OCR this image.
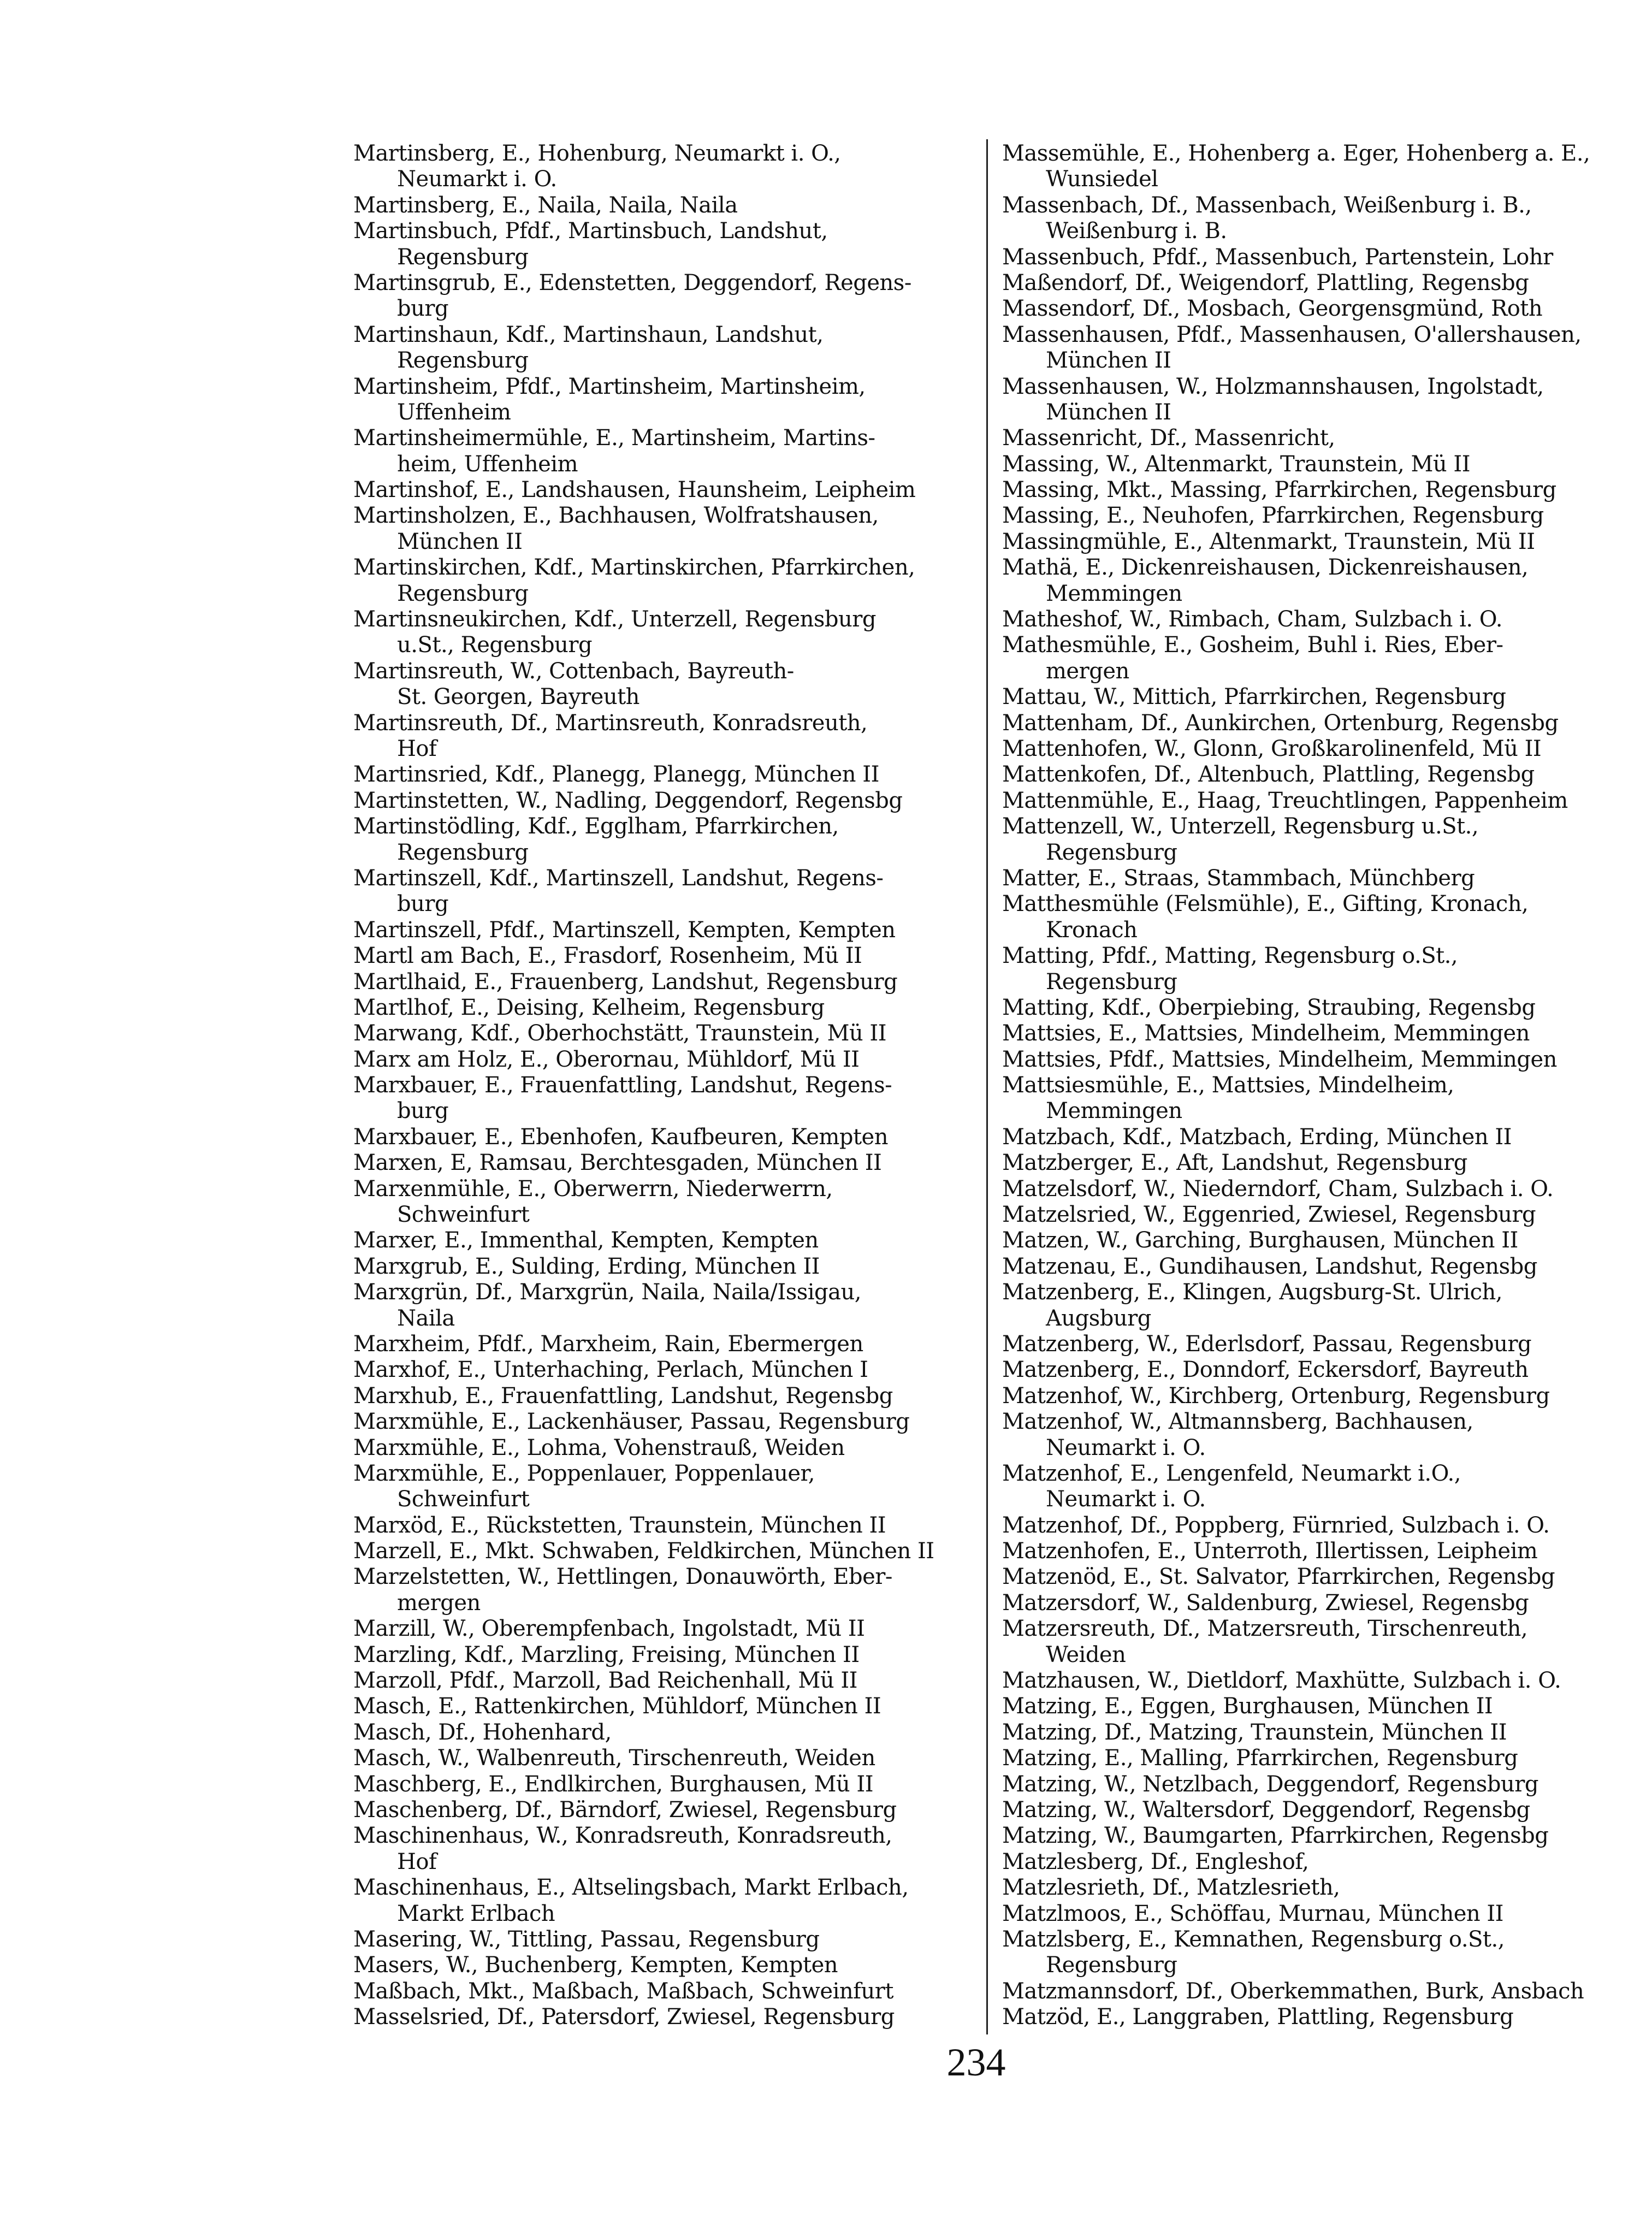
Martinsberg, E., Hohenburg, Neumarkt i. O.,
Neumarkt i. O.
Martinsberg, E., Naila, Naila, Naila
Martinsbuch, Pfdf., Martinsbuch, Landshut,
Regensburg
Martinsgrub, E., Edenstetten, Deggendorf, Regens-
burg
Martinshaun, Kdf., Martinshaun, Landshut,
Regensburg
Martinsheim, Pfdf., Martinsheim, Martinsheim,
Uffenheim
Martinsheimermühle, E., Martinsheim, Martins-
heim, Uffenheim
Martinshof, E., Landshausen, Haunsheim, Leipheim
Martinsholzen, E., Bachhausen, Wolfratshausen,
München II
Martinskirchen, Kdf., Martinskirchen, Pfarrkirchen,
Regensburg
Martinsneukirchen, Kdf., Unterzell, Regensburg
u.St., Regensburg
Martinsreuth, W., Cottenbach, Bayreuth-
St. Georgen, Bayreuth
Martinsreuth, Df., Martinsreuth, Konradsreuth,
Hof
Martinsried, Kdf., Planegg, Planegg, München II
Martinstetten, W., Nadling, Deggendorf, Regensbg
Martinstödling, Kdf., Egglham, Pfarrkirchen,
Regensburg
Martinszell, Kdf., Martinszell, Landshut, Regens-
burg
Martinszell, Pfdf., Martinszell, Kempten, Kempten
Martl am Bach, E., Frasdorf, Rosenheim, Mü II
Martlhaid, E., Frauenberg, Landshut, Regensburg
Martlhof, E., Deising, Kelheim, Regensburg
Marwang, Kdf., Oberhochstätt, Traunstein, Mü II
Marx am Holz, E., Oberornau, Mühldorf, Mü II
Marxbauer, E., Frauenfattling, Landshut, Regens-
burg
Marxbauer, E., Ebenhofen, Kaufbeuren, Kempten
Marxen, E, Ramsau, Berchtesgaden, München II
Marxenmühle, E., Oberwerrn, Niederwerrn,
Schweinfurt
Marxer, E., Immenthal, Kempten, Kempten
Marxgrub, E., Sulding, Erding, München II
Marxgrün, Df., Marxgrün, Naila, Naila/Issigau,
Naila
Marxheim, Pfdf., Marxheim, Rain, Ebermergen
Marxhof, E., Unterhaching, Perlach, München I
Marxhub, E., Frauenfattling, Landshut, Regensbg
Marxmühle, E., Lackenhäuser, Passau, Regensburg
Marxmühle, E., Lohma, Vohenstrauß, Weiden
Marxmühle, E., Poppenlauer, Poppenlauer,
Schweinfurt
Marxöd, E., Rückstetten, Traunstein, München II
Marzell, E., Mkt. Schwaben, Feldkirchen, München II
Marzelstetten, W., Hettlingen, Donauwörth, Eber-
mergen
Marzill, W., Oberempfenbach, Ingolstadt, Mü II
Marzling, Kdf., Marzling, Freising, München II
Marzoll, Pfdf., Marzoll, Bad Reichenhall, Mü II
Masch, E., Rattenkirchen, Mühldorf, München II
Masch, Df., Hohenhard,
Masch, W., Walbenreuth, Tirschenreuth, Weiden
Maschberg, E., Endlkirchen, Burghausen, Mü II
Maschenberg, Df., Bärndorf, Zwiesel, Regensburg
Maschinenhaus, W., Konradsreuth, Konradsreuth,
Hof
Maschinenhaus, E., Altselingsbach, Markt Erlbach,
Markt Erlbach
Masering, W., Tittling, Passau, Regensburg
Masers, W., Buchenberg, Kempten, Kempten
Maßbach, Mkt., Maßbach, Maßbach, Schweinfurt
Masselsried, Df., Patersdorf, Zwiesel, Regensburg
Massemühle, E., Hohenberg a. Eger, Hohenberg a. E.,
Wunsiedel
Massenbach, Df., Massenbach, Weißenburg i. B.,
Weißenburg i. B.
Massenbuch, Pfdf., Massenbuch, Partenstein, Lohr
Maßendorf, Df., Weigendorf, Plattling, Regensbg
Massendorf, Df., Mosbach, Georgensgmünd, Roth
Massenhausen, Pfdf., Massenhausen, O'allershausen,
München II
Massenhausen, W., Holzmannshausen, Ingolstadt,
München II
Massenricht, Df., Massenricht,
Massing, W., Altenmarkt, Traunstein, Mü II
Massing, Mkt., Massing, Pfarrkirchen, Regensburg
Massing, E., Neuhofen, Pfarrkirchen, Regensburg
Massingmühle, E., Altenmarkt, Traunstein, Mü II
Mathä, E., Dickenreishausen, Dickenreishausen,
Memmingen
Matheshof, W., Rimbach, Cham, Sulzbach i. O.
Mathesmühle, E., Gosheim, Buhl i. Ries, Eber-
mergen
Mattau, W., Mittich, Pfarrkirchen, Regensburg
Mattenham, Df., Aunkirchen, Ortenburg, Regensbg
Mattenhofen, W., Glonn, Großkarolinenfeld, Mü II
Mattenkofen, Df., Altenbuch, Plattling, Regensbg
Mattenmühle, E., Haag, Treuchtlingen, Pappenheim
Mattenzell, W., Unterzell, Regensburg u.St.,
Regensburg
Matter, E., Straas, Stammbach, Münchberg
Matthesmühle (Felsmühle), E., Gifting, Kronach,
Kronach
Matting, Pfdf., Matting, Regensburg o.St.,
Regensburg
Matting, Kdf., Oberpiebing, Straubing, Regensbg
Mattsies, E., Mattsies, Mindelheim, Memmingen
Mattsies, Pfdf., Mattsies, Mindelheim, Memmingen
Mattsiesmühle, E., Mattsies, Mindelheim,
Memmingen
Matzbach, Kdf., Matzbach, Erding, München II
Matzberger, E., Aft, Landshut, Regensburg
Matzelsdorf, W., Niederndorf, Cham, Sulzbach i. O.
Matzelsried, W., Eggenried, Zwiesel, Regensburg
Matzen, W., Garching, Burghausen, München II
Matzenau, E., Gundihausen, Landshut, Regensbg
Matzenberg, E., Klingen, Augsburg-St. Ulrich,
Augsburg
Matzenberg, W., Ederlsdorf, Passau, Regensburg
Matzenberg, E., Donndorf, Eckersdorf, Bayreuth
Matzenhof, W., Kirchberg, Ortenburg, Regensburg
Matzenhof, W., Altmannsberg, Bachhausen,
Neumarkt i. O.
Matzenhof, E., Lengenfeld, Neumarkt i.O.,
Neumarkt i. O.
Matzenhof, Df., Poppberg, Fürnried, Sulzbach i. O.
Matzenhofen, E., Unterroth, Illertissen, Leipheim
Matzenöd, E., St. Salvator, Pfarrkirchen, Regensbg
Matzersdorf, W., Saldenburg, Zwiesel, Regensbg
Matzersreuth, Df., Matzersreuth, Tirschenreuth,
Weiden
Matzhausen, W., Dietldorf, Maxhütte, Sulzbach i. O.
Matzing, E., Eggen, Burghausen, München II
Matzing, Df., Matzing, Traunstein, München II
Matzing, E., Malling, Pfarrkirchen, Regensburg
Matzing, W., Netzlbach, Deggendorf, Regensburg
Matzing, W., Waltersdorf, Deggendorf, Regensbg
Matzing, W., Baumgarten, Pfarrkirchen, Regensbg
Matzlesberg, Df., Engleshof,
Matzlesrieth, Df., Matzlesrieth,
Matzlmoos, E., Schöffau, Murnau, München II
Matzlsberg, E., Kemnathen, Regensburg o.St.,
Regensburg
Matzmannsdorf, Df., Oberkemmathen, Burk, Ansbach
Matzöd, E., Langgraben, Plattling, Regensburg
234
